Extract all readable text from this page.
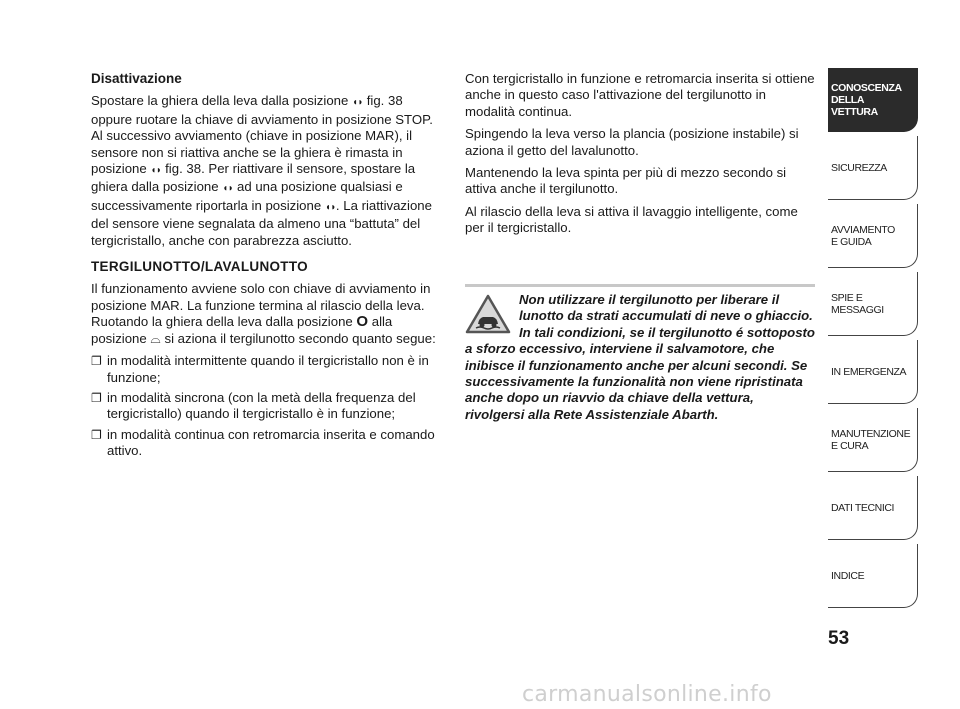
Disattivazione

Spostare la ghiera della leva dalla posizione ◖◗ fig. 38 oppure ruotare la chiave di avviamento in posizione STOP. Al successivo avviamento (chiave in posizione MAR), il sensore non si riattiva anche se la ghiera è rimasta in posizione ◖◗ fig. 38. Per riattivare il sensore, spostare la ghiera dalla posizione ◖◗ ad una posizione qualsiasi e successivamente riportarla in posizione ◖◗. La riattivazione del sensore viene segnalata da almeno una “battuta” del tergicristallo, anche con parabrezza asciutto.

TERGILUNOTTO/LAVALUNOTTO

Il funzionamento avviene solo con chiave di avviamento in posizione MAR. La funzione termina al rilascio della leva. Ruotando la ghiera della leva dalla posizione O alla posizione ⌓ si aziona il tergilunotto secondo quanto segue:

❐ in modalità intermittente quando il tergicristallo non è in funzione;
❐ in modalità sincrona (con la metà della frequenza del tergicristallo) quando il tergicristallo è in funzione;
❐ in modalità continua con retromarcia inserita e comando attivo.

Con tergicristallo in funzione e retromarcia inserita si ottiene anche in questo caso l'attivazione del tergilunotto in modalità continua.

Spingendo la leva verso la plancia (posizione instabile) si aziona il getto del lavalunotto.

Mantenendo la leva spinta per più di mezzo secondo si attiva anche il tergilunotto.

Al rilascio della leva si attiva il lavaggio intelligente, come per il tergicristallo.

Non utilizzare il tergilunotto per liberare il lunotto da strati accumulati di neve o ghiaccio. In tali condizioni, se il tergilunotto é sottoposto a sforzo eccessivo, interviene il salvamotore, che inibisce il funzionamento anche per alcuni secondi. Se successivamente la funzionalità non viene ripristinata anche dopo un riavvio da chiave della vettura, rivolgersi alla Rete Assistenziale Abarth.
CONOSCENZA
DELLA
VETTURA
SICUREZZA
AVVIAMENTO
E GUIDA
SPIE E
MESSAGGI
IN EMERGENZA
MANUTENZIONE
E CURA
DATI TECNICI
INDICE
53
carmanualsonline.info
